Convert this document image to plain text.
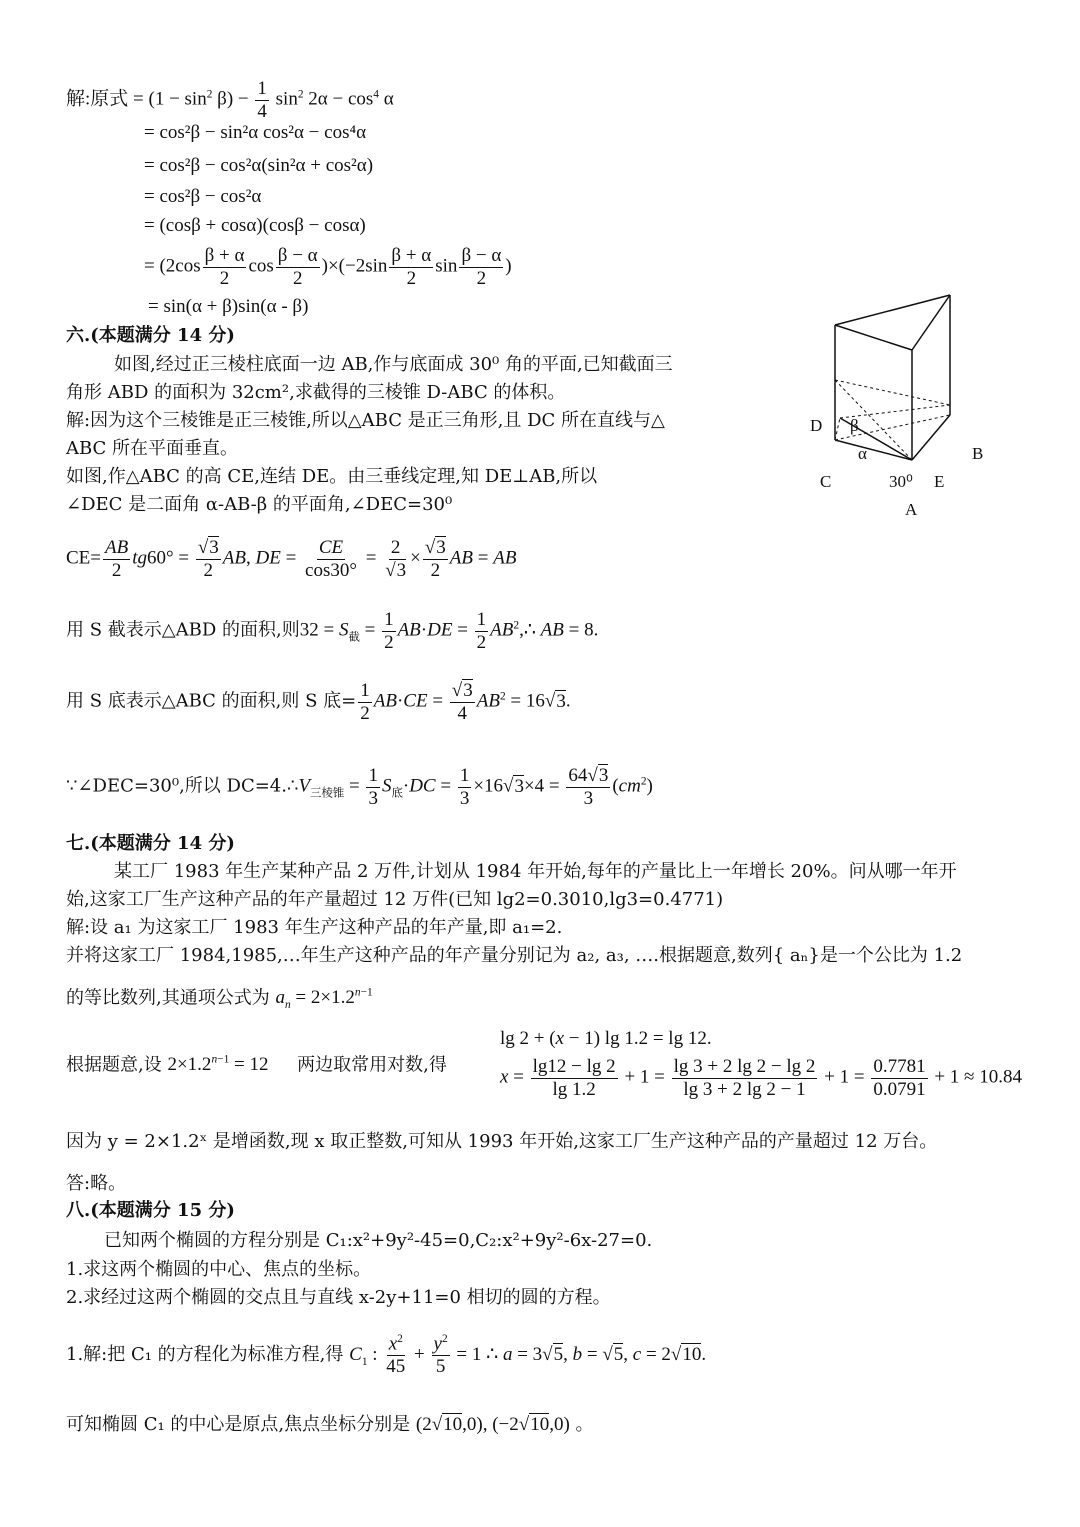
解:原式 = $(1 - \sin^2 \beta) - \frac{1}{4} \sin^2 2\alpha - \cos^4 \alpha$
= cos²β − sin²α cos²α − cos⁴α
= cos²β − cos²α(sin²α + cos²α)
= cos²β − cos²α
= (cosβ + cosα)(cosβ − cosα)
= ($2\cos \frac{\beta + \alpha}{2}$ $\cos \frac{\beta - \alpha}{2} )\times(-2\sin \frac{\beta + \alpha}{2}$ $\sin \frac{\beta - \alpha}{2}$ )
= sin(α + β)sin(α - β)
六.(本题满分 14 分)
如图,经过正三棱柱底面一边 AB,作与底面成 30⁰ 角的平面,已知截面三
角形 ABD 的面积为 32cm²,求截得的三棱锥 D-ABC 的体积。
解:因为这个三棱锥是正三棱锥,所以△ABC 是正三角形,且 DC 所在直线与△
ABC 所在平面垂直。
如图,作△ABC 的高 CE,连结 DE。由三垂线定理,知 DE⊥AB,所以
∠DEC 是二面角 α-AB-β 的平面角,∠DEC=30⁰
D β
α	B
C	30⁰ E
A
$CE= \frac{AB}{2} tg60^\circ = \frac{√3}{2}$ AB, DE = $\frac{CE}{\cos 30^\circ} = \frac{2}{√3} \times \frac{√3}{2}$ AB = AB
用 S 截表示△ABD 的面积,则$32 = S_截 = \frac{1}{2} AB\cdot DE = \frac{1}{2}$ $AB^2,\therefore$ AB = 8.
用 S 底表示△ABC 的面积,则 S 底= $\frac{1}{2} AB\cdot CE = \frac{√3}{4} AB^2 = 16√3$.
∵∠DEC=30⁰,所以 $DC=4.\therefore V_{三棱锥} = \frac{1}{3} S_底\cdot DC = \frac{1}{3} \times 16√3\times 4 = \frac{64√3}{3} (cm^2)$
七.(本题满分 14 分)
某工厂 1983 年生产某种产品 2 万件,计划从 1984 年开始,每年的产量比上一年增长 20%。问从哪一年开
始,这家工厂生产这种产品的年产量超过 12 万件(已知 lg2=0.3010,lg3=0.4771)
解:设 a₁ 为这家工厂 1983 年生产这种产品的年产量,即 a₁=2.
并将这家工厂 1984,1985,…年生产这种产品的年产量分别记为 a₂, a₃, ….根据题意,数列{ aₙ}是一个公比为 1.2
的等比数列,其通项公式为 $a_n = 2\times 1.2^{n-1}$
lg 2 + (x − 1) lg 1.2 = lg 12.
根据题意,设 $2\times 1.2^{n-1} = 12$ 两边取常用对数,得
$x = \frac{\lg 12 - \lg 2}{\lg 1.2} + 1 = \frac{\lg 3 + 2 \lg 2 - \lg 2}{\lg 3 + 2 \lg 2 - 1} + 1 = \frac{0.7781}{0.0791} + 1 \approx 10.84$
因为 y = 2×1.2ˣ 是增函数,现 x 取正整数,可知从 1993 年开始,这家工厂生产这种产品的产量超过 12 万台。
答:略。
八.(本题满分 15 分)
已知两个椭圆的方程分别是 C₁:x²+9y²-45=0,C₂:x²+9y²-6x-27=0.
1.求这两个椭圆的中心、焦点的坐标。
2.求经过这两个椭圆的交点且与直线 x-2y+11=0 相切的圆的方程。
1.解:把 C₁ 的方程化为标准方程,得 $C_1$ : $\frac{x^2}{45} + \frac{y^2}{5} = 1$ ∴ a = 3√5, b = √5, c = 2√10.
可知椭圆 C₁ 的中心是原点,焦点坐标分别是 (2√10,0), (−2√10,0) 。
